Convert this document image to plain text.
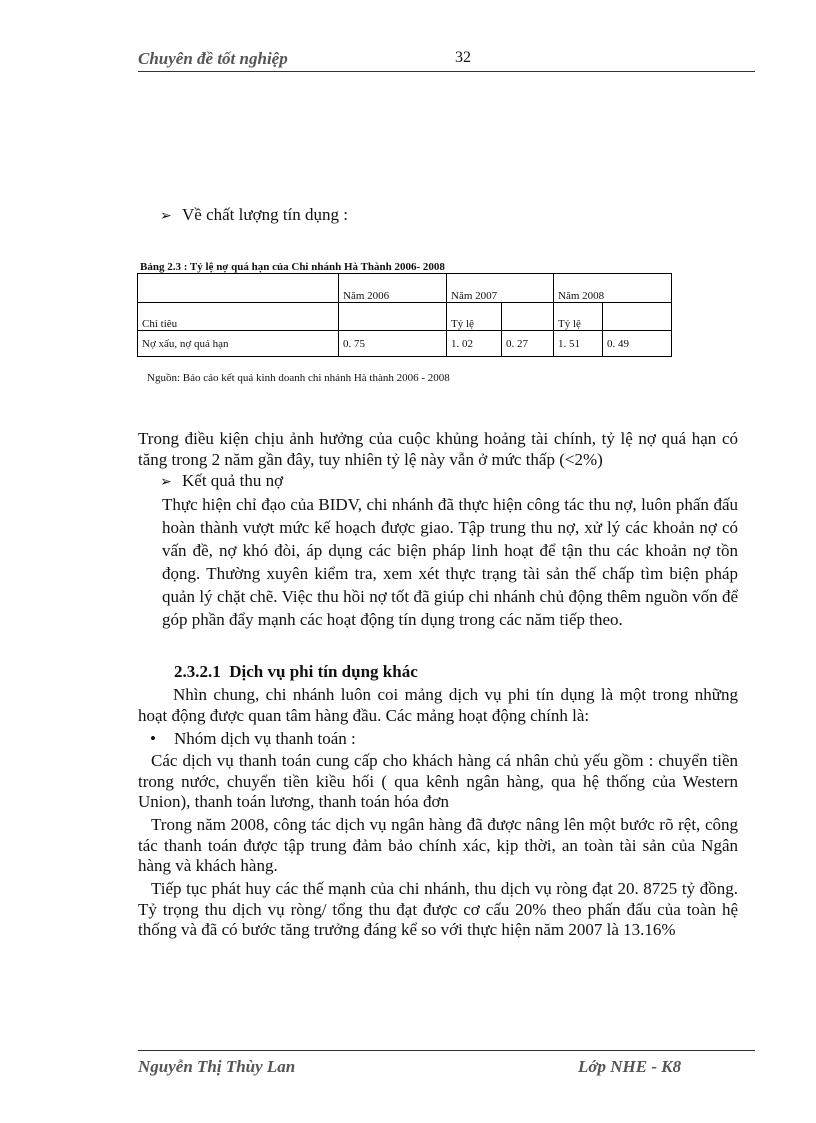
Chuyên đề tốt nghiệp	32
➢ Về chất lượng tín dụng :
Bảng 2.3 : Tỷ lệ nợ quá hạn của Chi nhánh Hà Thành 2006- 2008
	Năm 2006	Năm 2007		Năm 2008	
Chỉ tiêu		Tỷ lệ		Tỷ lệ	
Nợ xấu, nợ quá hạn	0. 75	1. 02	0. 27	1. 51	0. 49
Nguồn: Báo cáo kết quả kinh doanh chi nhánh Hà thành 2006 - 2008
Trong điều kiện chịu ảnh hưởng của cuộc khủng hoảng tài chính, tỷ lệ nợ quá hạn có tăng trong 2 năm gần đây, tuy nhiên tỷ lệ này vẫn ở mức thấp (<2%)
➢ Kết quả thu nợ
Thực hiện chỉ đạo của BIDV, chi nhánh đã thực hiện công tác thu nợ, luôn phấn đấu hoàn thành vượt mức kế hoạch được giao. Tập trung thu nợ, xử lý các khoản nợ có vấn đề, nợ khó đòi, áp dụng các biện pháp linh hoạt để tận thu các khoản nợ tồn đọng. Thường xuyên kiểm tra, xem xét thực trạng tài sản thế chấp tìm biện pháp quản lý chặt chẽ. Việc thu hồi nợ tốt đã giúp chi nhánh chủ động thêm nguồn vốn để góp phần đẩy mạnh các hoạt động tín dụng trong các năm tiếp theo.
2.3.2.1 Dịch vụ phi tín dụng khác
Nhìn chung, chi nhánh luôn coi mảng dịch vụ phi tín dụng là một trong những hoạt động được quan tâm hàng đầu. Các mảng hoạt động chính là:
• Nhóm dịch vụ thanh toán :
Các dịch vụ thanh toán cung cấp cho khách hàng cá nhân chủ yếu gồm : chuyển tiền trong nước, chuyển tiền kiều hối ( qua kênh ngân hàng, qua hệ thống của Western Union), thanh toán lương, thanh toán hóa đơn
Trong năm 2008, công tác dịch vụ ngân hàng đã được nâng lên một bước rõ rệt, công tác thanh toán được tập trung đảm bảo chính xác, kịp thời, an toàn tài sản của Ngân hàng và khách hàng.
Tiếp tục phát huy các thế mạnh của chi nhánh, thu dịch vụ ròng đạt 20. 8725 tỷ đồng. Tỷ trọng thu dịch vụ ròng/ tổng thu đạt được cơ cấu 20% theo phấn đấu của toàn hệ thống và đã có bước tăng trưởng đáng kể so với thực hiện năm 2007 là 13.16%
Nguyễn Thị Thùy Lan	Lớp NHE - K8
